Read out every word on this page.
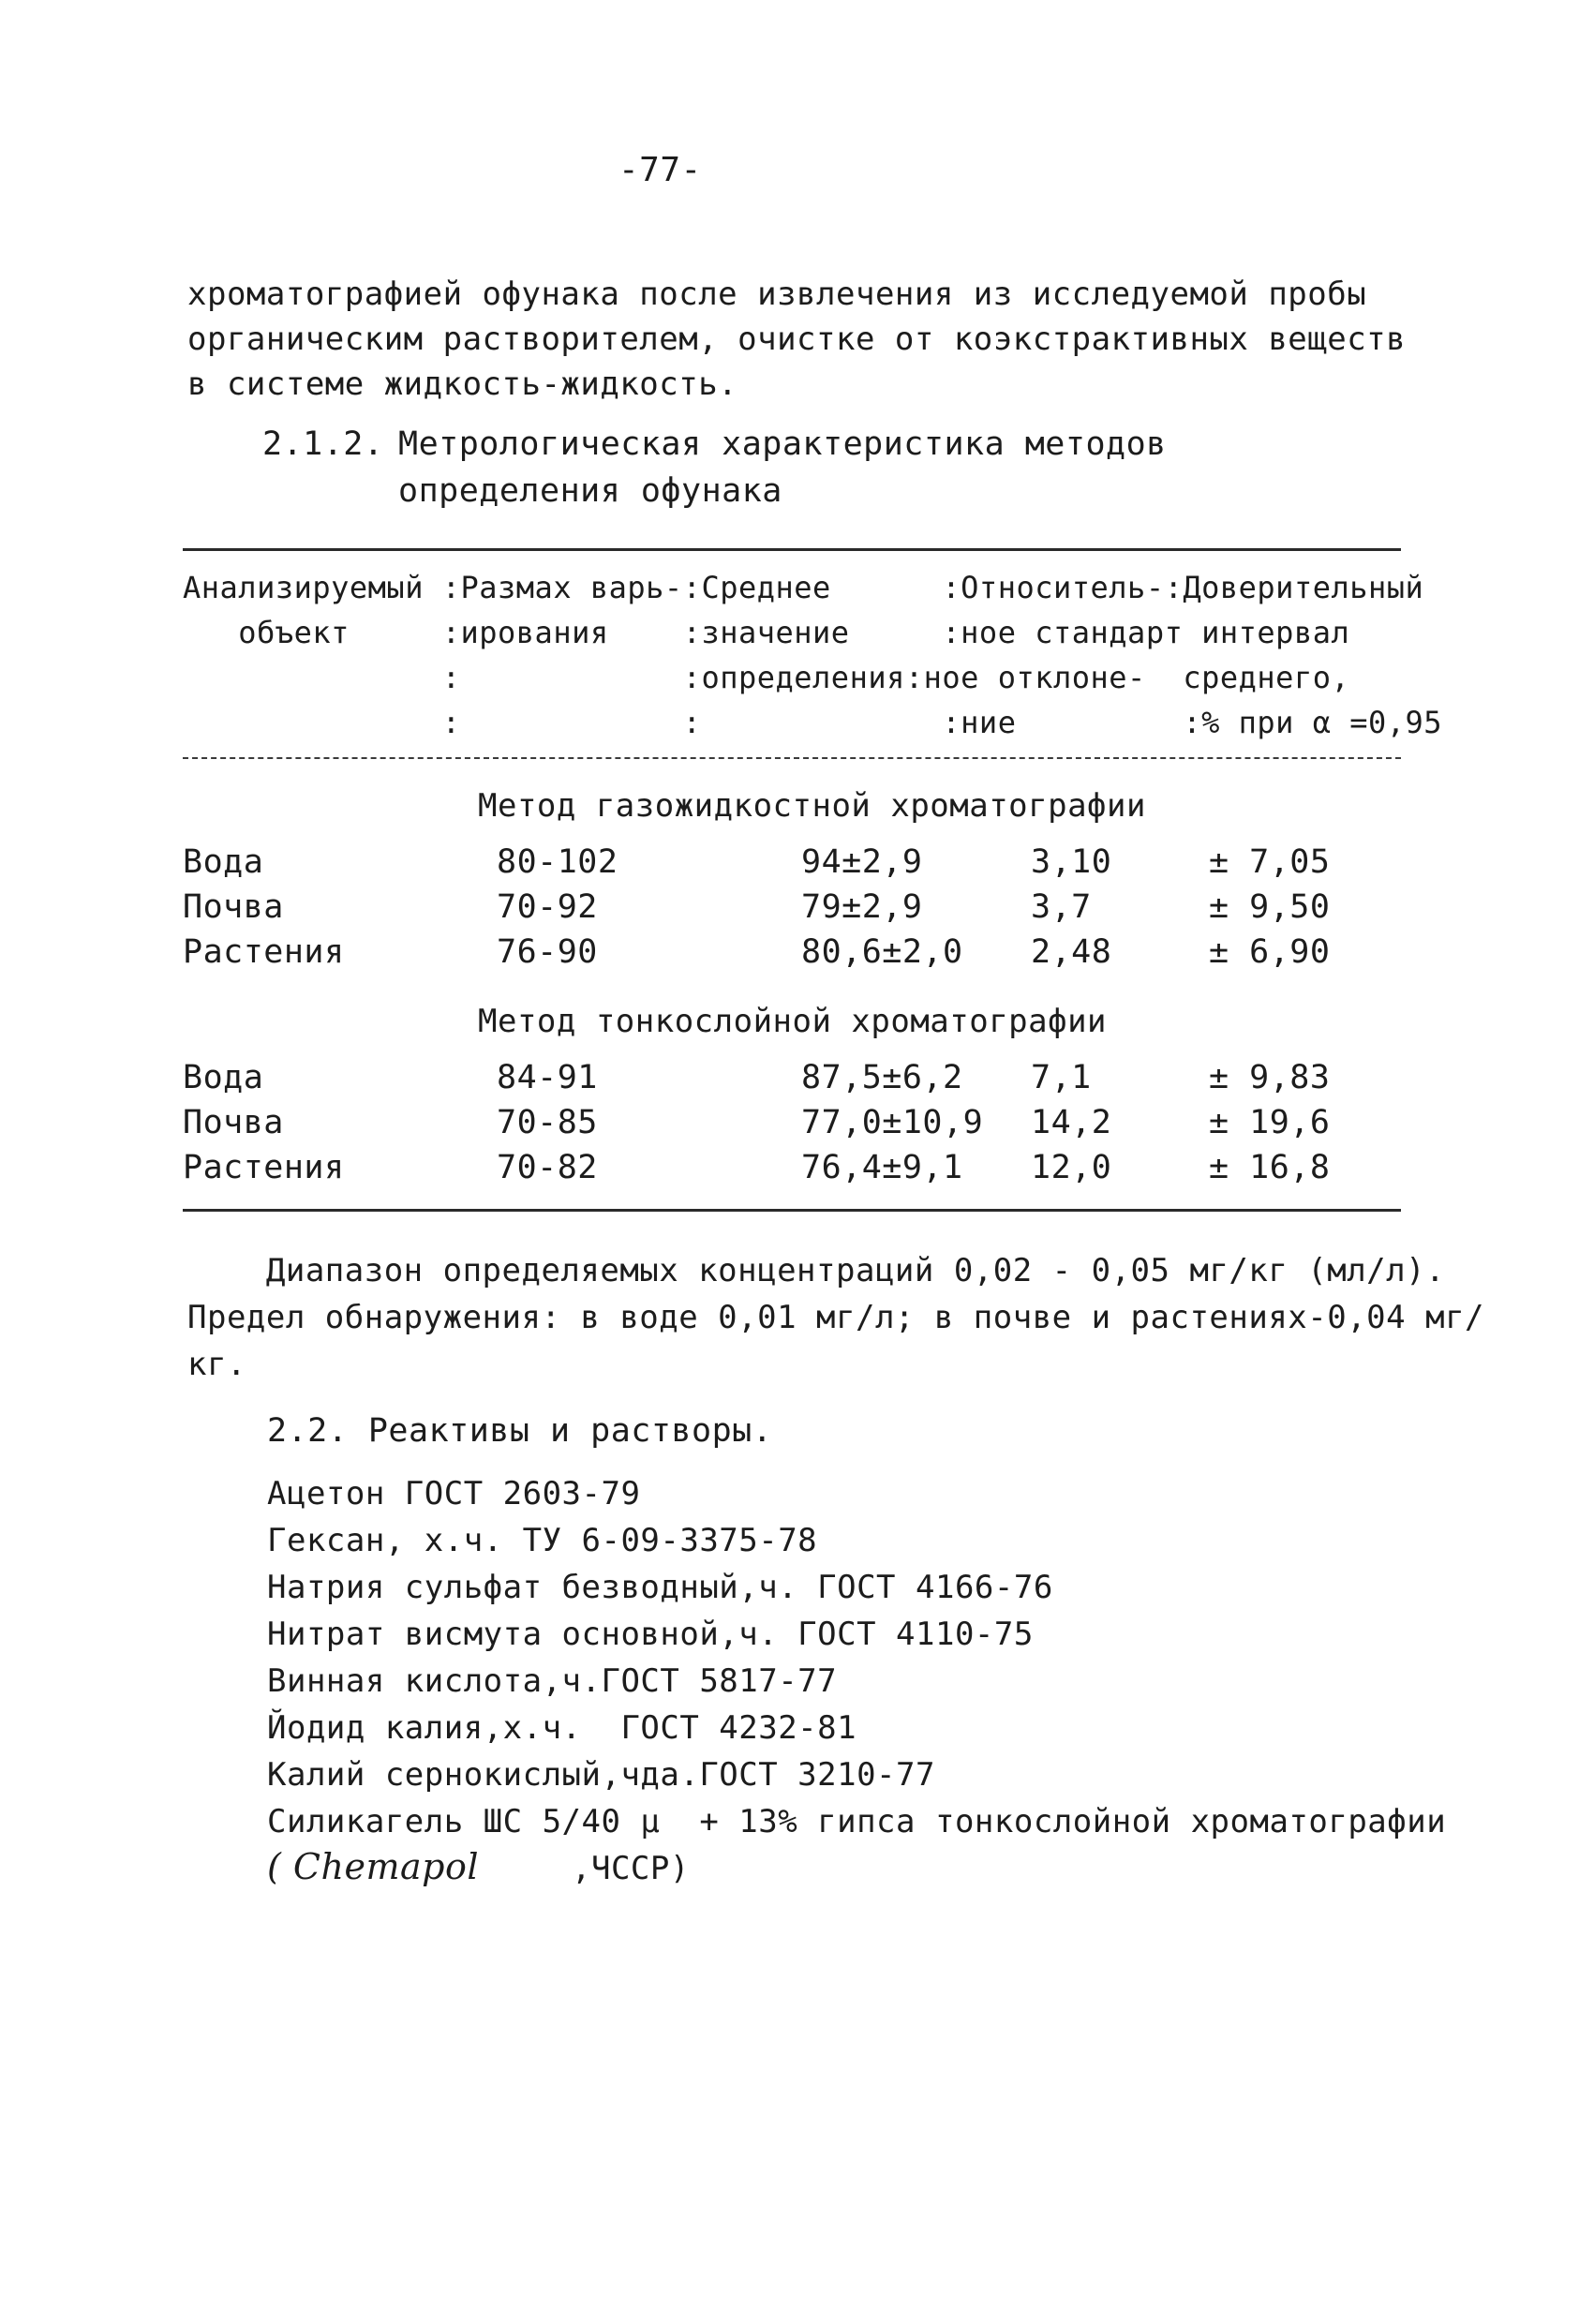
-77-
хроматографией офунака после извлечения из исследуемой пробы
органическим растворителем, очистке от коэкстрактивных веществ
в системе жидкость-жидкость.
2.1.2. Метрологическая характеристика методов
определения офунака
Анализируемый :Размах варь-:Среднее      :Относитель-:Доверительный
объект     :ирования    :значение     :ное стандарт интервал
:            :определения:ное отклоне-  среднего,
:            :             :ние         :% при α =0,95
Метод газожидкостной хроматографии
Вода	80-102	94±2,9	3,10	± 7,05
Почва	70-92	79±2,9	3,7	± 9,50
Растения	76-90	80,6±2,0 2,48	± 6,90
Метод тонкослойной хроматографии
Вода	84-91	87,5±6,2 7,1	± 9,83
Почва	70-85	77,0±10,9 14,2	± 19,6
Растения	70-82	76,4±9,1 12,0	± 16,8
Диапазон определяемых концентраций 0,02 - 0,05 мг/кг (мл/л).
Предел обнаружения: в воде 0,01 мг/л; в почве и растениях-0,04 мг/
кг.
2.2. Реактивы и растворы.
Ацетон ГОСТ 2603-79
Гексан, х.ч. ТУ 6-09-3375-78
Натрия сульфат безводный,ч. ГОСТ 4166-76
Нитрат висмута основной,ч. ГОСТ 4110-75
Винная кислота,ч.ГОСТ 5817-77
Йодид калия,х.ч.  ГОСТ 4232-81
Калий сернокислый,чда.ГОСТ 3210-77
Силикагель ШС 5/40 μ  + 13% гипса тонкослойной хроматографии
( Chemapol	,ЧССР)
